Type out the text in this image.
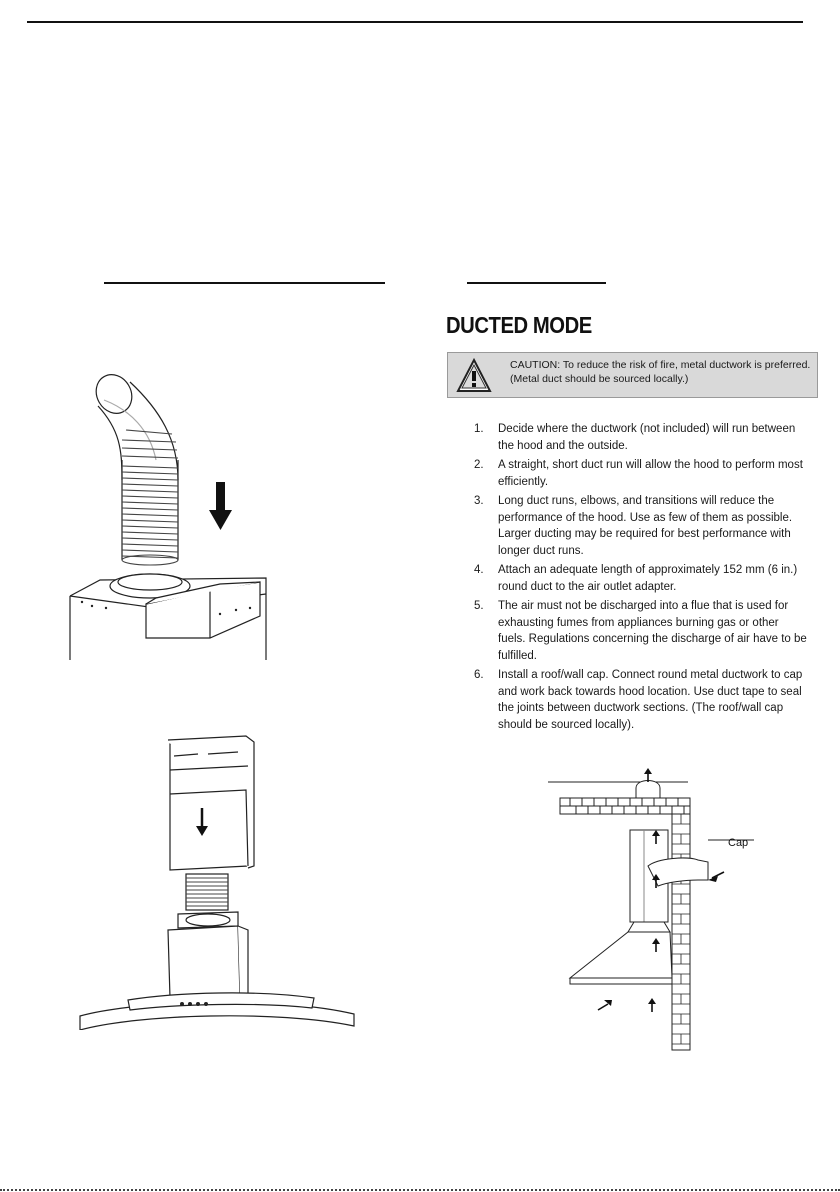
DUCTED MODE
CAUTION: To reduce the risk of fire, metal ductwork is preferred.
(Metal duct should be sourced locally.)
1. Decide where the ductwork (not included) will run between the hood and the outside.
2. A straight, short duct run will allow the hood to perform most efficiently.
3. Long duct runs, elbows, and transitions will reduce the performance of the hood. Use as few of them as possible. Larger ducting may be required for best performance with longer duct runs.
4. Attach an adequate length of approximately 152 mm (6 in.) round duct to the air outlet adapter.
5. The air must not be discharged into a flue that is used for exhausting fumes from appliances burning gas or other fuels. Regulations concerning the discharge of air have to be fulfilled.
6. Install a roof/wall cap. Connect round metal ductwork to cap and work back towards hood location. Use duct tape to seal the joints between ductwork sections. (The roof/wall cap should be sourced locally).
Cap
